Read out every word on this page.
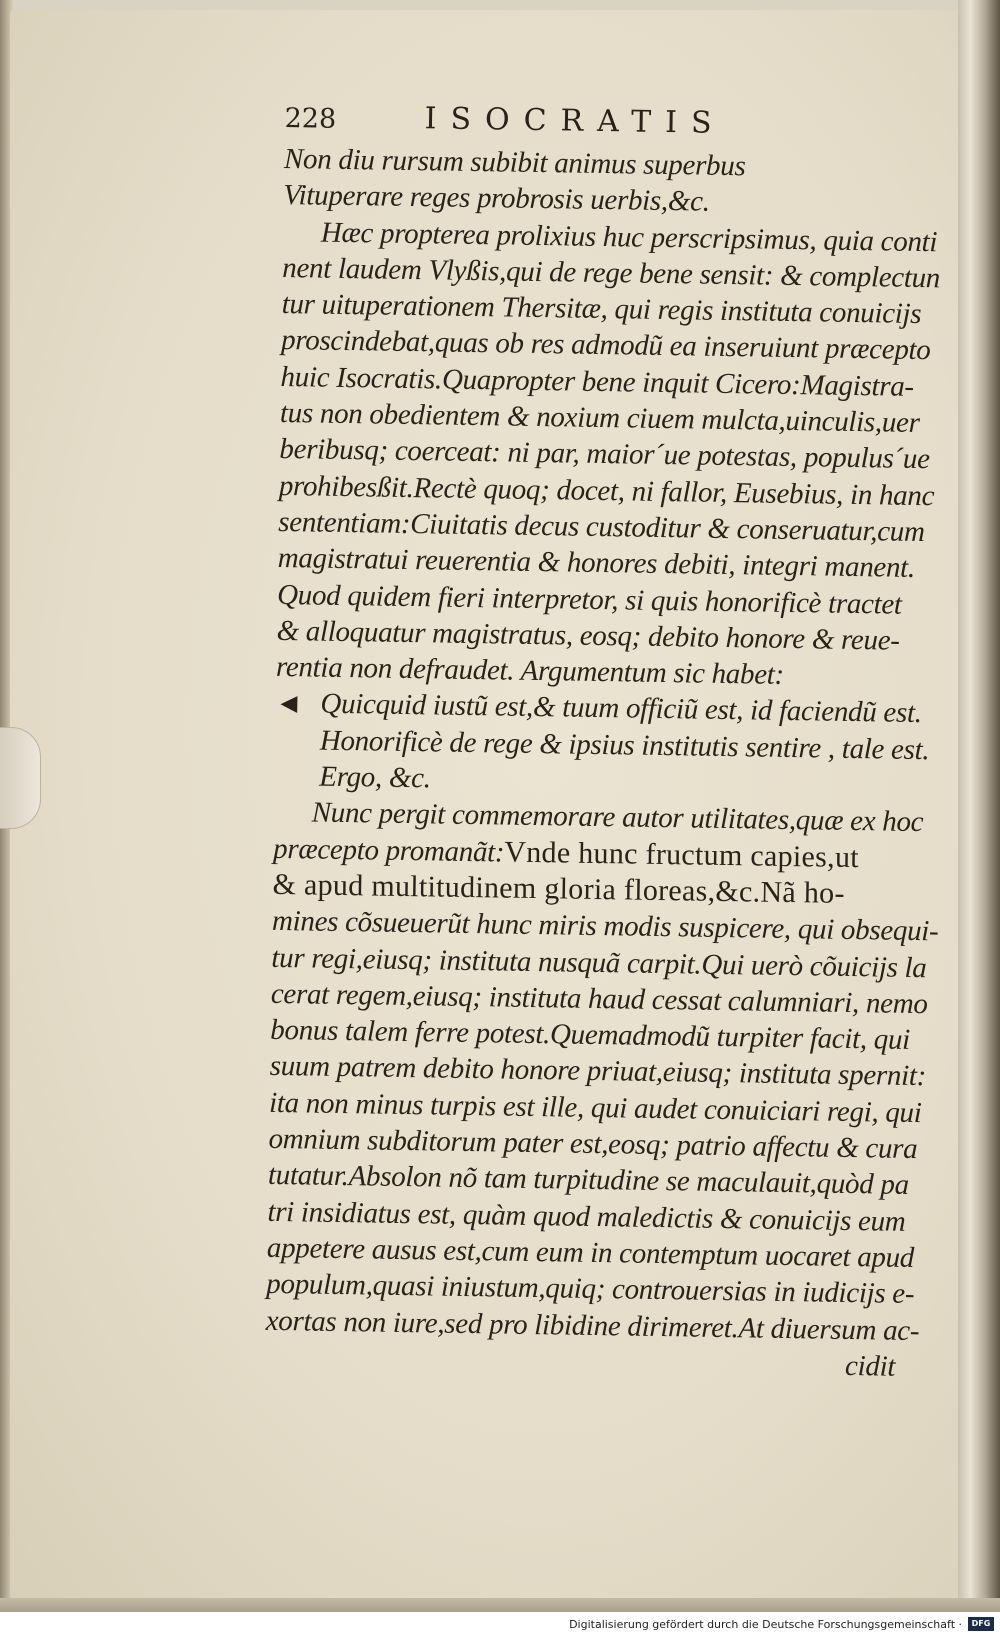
228	ISOCRATIS
Non diu rursum subibit animus superbus
Vituperare reges probrosis uerbis,&c.
Hæc propterea prolixius huc perscripsimus, quia conti
nent laudem Vlyßis,qui de rege bene sensit: & complectun
tur uituperationem Thersitæ, qui regis instituta conuicijs
proscindebat,quas ob res admodũ ea inseruiunt præcepto
huic Isocratis.Quapropter bene inquit Cicero:Magistra-
tus non obedientem & noxium ciuem mulcta,uinculis,uer
beribusq; coerceat: ni par, maior´ue potestas, populus´ue
prohibesßit.Rectè quoq; docet, ni fallor, Eusebius, in hanc
sententiam:Ciuitatis decus custoditur & conseruatur,cum
magistratui reuerentia & honores debiti, integri manent.
Quod quidem fieri interpretor, si quis honorificè tractet
& alloquatur magistratus, eosq; debito honore & reue-
rentia non defraudet. Argumentum sic habet:
◀ Quicquid iustũ est,& tuum officiũ est, id faciendũ est.
Honorificè de rege & ipsius institutis sentire , tale est.
Ergo, &c.
Nunc pergit commemorare autor utilitates,quæ ex hoc
præcepto promanãt:Vnde hunc fructum capies,ut
& apud multitudinem gloria floreas,&c.Nã ho-
mines cõsueuerũt hunc miris modis suspicere, qui obsequi-
tur regi,eiusq; instituta nusquã carpit.Qui uerò cõuicijs la
cerat regem,eiusq; instituta haud cessat calumniari, nemo
bonus talem ferre potest.Quemadmodũ turpiter facit, qui
suum patrem debito honore priuat,eiusq; instituta spernit:
ita non minus turpis est ille, qui audet conuiciari regi, qui
omnium subditorum pater est,eosq; patrio affectu & cura
tutatur.Absolon nõ tam turpitudine se maculauit,quòd pa
tri insidiatus est, quàm quod maledictis & conuicijs eum
appetere ausus est,cum eum in contemptum uocaret apud
populum,quasi iniustum,quiq; controuersias in iudicijs e-
xortas non iure,sed pro libidine dirimeret.At diuersum ac-
cidit
Digitalisierung gefördert durch die Deutsche Forschungsgemeinschaft ·	DFG
